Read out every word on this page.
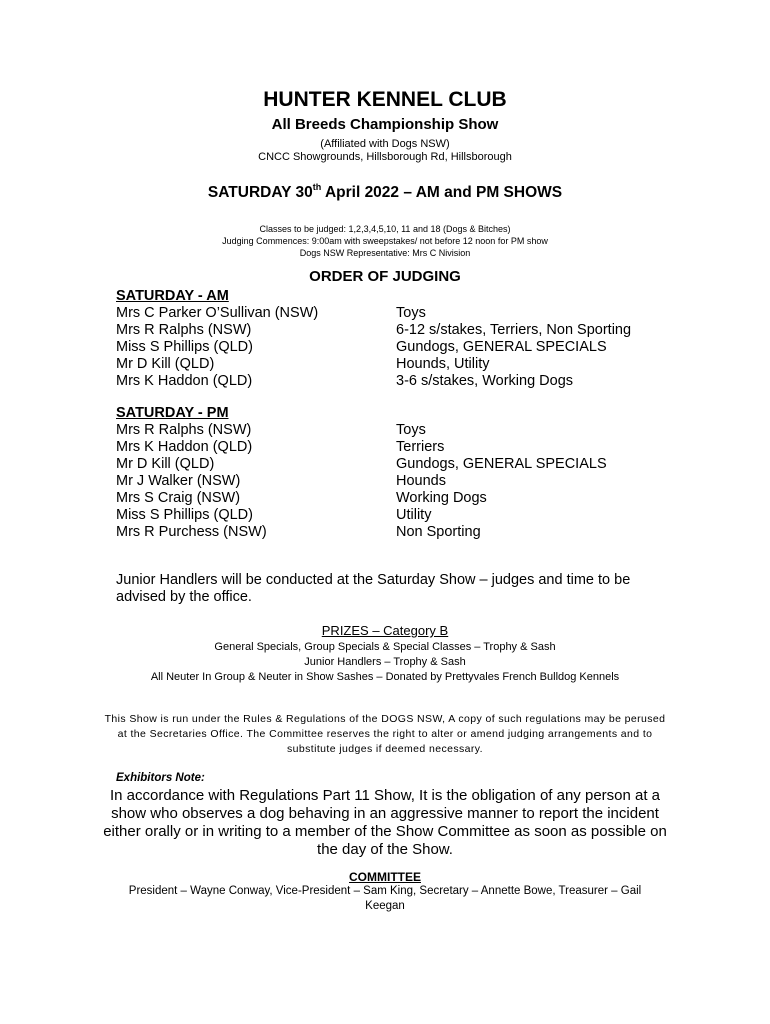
HUNTER KENNEL CLUB
All Breeds Championship Show
(Affiliated with Dogs NSW)
CNCC Showgrounds, Hillsborough Rd, Hillsborough
SATURDAY 30th April 2022 – AM and PM SHOWS
Classes to be judged: 1,2,3,4,5,10, 11 and 18 (Dogs & Bitches)
Judging Commences: 9:00am with sweepstakes/ not before 12 noon for PM show
Dogs NSW Representative: Mrs C Nivision
ORDER OF JUDGING
SATURDAY - AM
Mrs C Parker O’Sullivan (NSW)	Toys
Mrs R Ralphs (NSW)	6-12 s/stakes, Terriers, Non Sporting
Miss S Phillips (QLD)	Gundogs, GENERAL SPECIALS
Mr D Kill (QLD)	Hounds, Utility
Mrs K Haddon (QLD)	3-6 s/stakes, Working Dogs
SATURDAY - PM
Mrs R Ralphs (NSW)	Toys
Mrs K Haddon (QLD)	Terriers
Mr D Kill (QLD)	Gundogs, GENERAL SPECIALS
Mr J Walker (NSW)	Hounds
Mrs S Craig (NSW)	Working Dogs
Miss S Phillips (QLD)	Utility
Mrs R Purchess (NSW)	Non Sporting
Junior Handlers will be conducted at the Saturday Show – judges and time to be advised by the office.
PRIZES – Category B
General Specials, Group Specials & Special Classes – Trophy & Sash
Junior Handlers – Trophy & Sash
All Neuter In Group & Neuter in Show Sashes – Donated by Prettyvales French Bulldog Kennels
This Show is run under the Rules & Regulations of the DOGS NSW, A copy of such regulations may be perused at the Secretaries Office. The Committee reserves the right to alter or amend judging arrangements and to substitute judges if deemed necessary.
Exhibitors Note:
In accordance with Regulations Part 11 Show, It is the obligation of any person at a show who observes a dog behaving in an aggressive manner to report the incident either orally or in writing to a member of the Show Committee as soon as possible on the day of the Show.
COMMITTEE
President – Wayne Conway, Vice-President – Sam King, Secretary – Annette Bowe, Treasurer – Gail Keegan
